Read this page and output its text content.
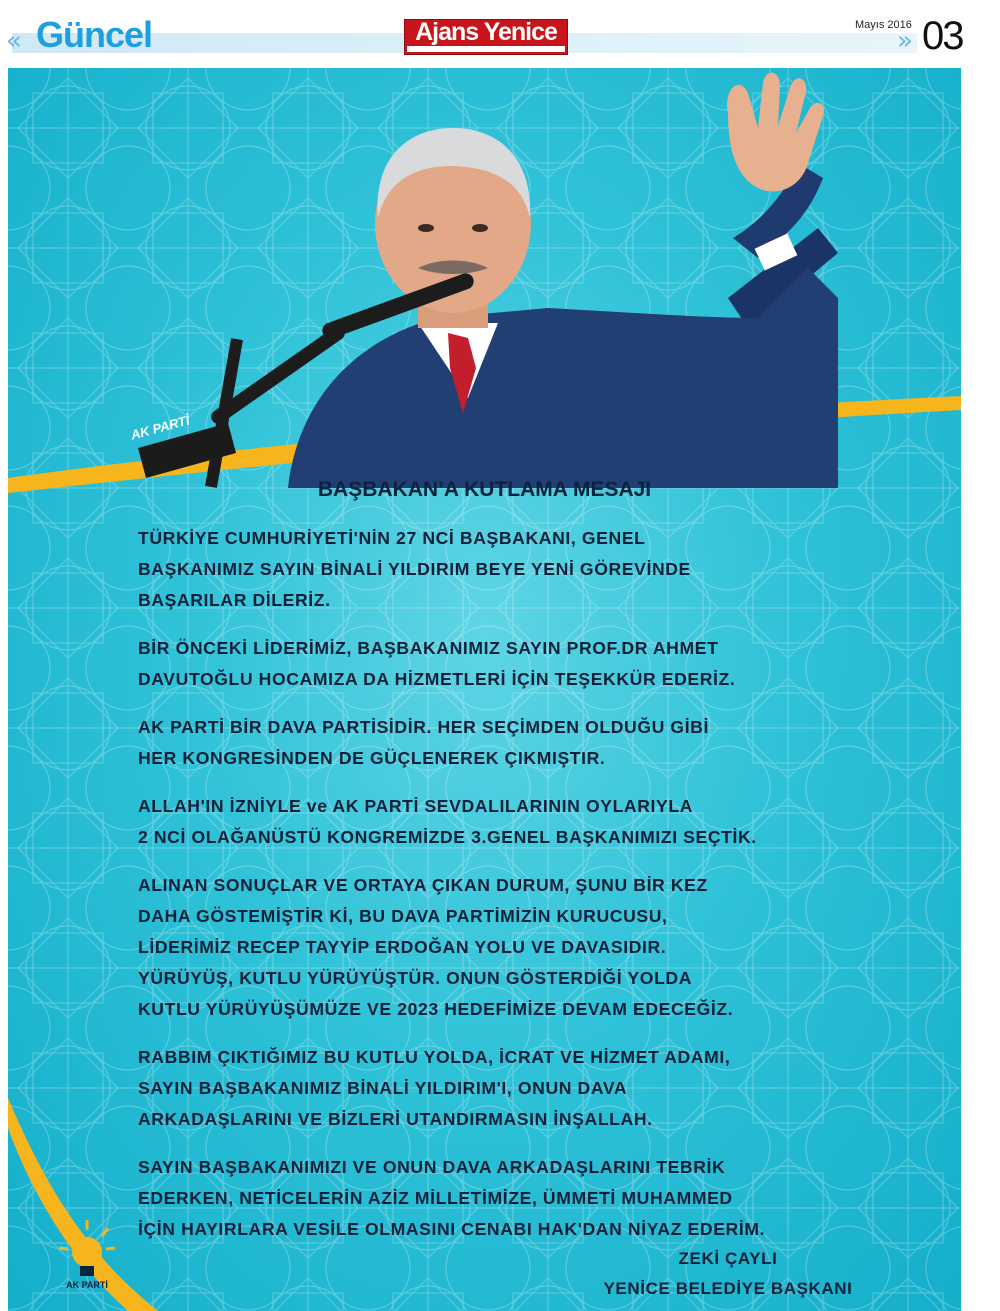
« Güncel	Ajans Yenice	Mayıs 2016
» 03
AK PARTİ
BAŞBAKAN’A KUTLAMA MESAJI

TÜRKİYE CUMHURİYETİ'NİN 27 NCİ BAŞBAKANI, GENEL
BAŞKANIMIZ SAYIN BİNALİ YILDIRIM BEYE YENİ GÖREVİNDE
BAŞARILAR DİLERİZ.

BİR ÖNCEKİ LİDERİMİZ, BAŞBAKANIMIZ SAYIN PROF.DR AHMET
DAVUTOĞLU HOCAMIZA DA HİZMETLERİ İÇİN TEŞEKKÜR EDERİZ.

AK PARTİ BİR DAVA PARTİSİDİR. HER SEÇİMDEN OLDUĞU GİBİ
HER KONGRESİNDEN DE GÜÇLENEREK ÇIKMIŞTIR.

ALLAH'IN İZNİYLE ve AK PARTİ SEVDALILARININ OYLARIYLA
2 NCİ OLAĞANÜSTÜ KONGREMİZDE 3.GENEL BAŞKANIMIZI SEÇTİK.

ALINAN SONUÇLAR VE ORTAYA ÇIKAN DURUM, ŞUNU BİR KEZ
DAHA GÖSTEMİŞTİR Kİ, BU DAVA PARTİMİZİN KURUCUSU,
LİDERİMİZ RECEP TAYYİP ERDOĞAN YOLU VE DAVASIDIR.
YÜRÜYÜŞ, KUTLU YÜRÜYÜŞTÜR. ONUN GÖSTERDİĞİ YOLDA
KUTLU YÜRÜYÜŞÜMÜZE VE 2023 HEDEFİMİZE DEVAM EDECEĞİZ.

RABBIM ÇIKTIĞIMIZ BU KUTLU YOLDA, İCRAT VE HİZMET ADAMI,
SAYIN BAŞBAKANIMIZ BİNALİ YILDIRIM'I, ONUN DAVA
ARKADAŞLARINI VE BİZLERİ UTANDIRMASIN İNŞALLAH.

SAYIN BAŞBAKANIMIZI VE ONUN DAVA ARKADAŞLARINI TEBRİK
EDERKEN, NETİCELERİN AZİZ MİLLETİMİZE, ÜMMETİ MUHAMMED
İÇİN HAYIRLARA VESİLE OLMASINI CENABI HAK'DAN NİYAZ EDERİM.

ZEKİ ÇAYLI
YENİCE BELEDİYE BAŞKANI
AK PARTİ
